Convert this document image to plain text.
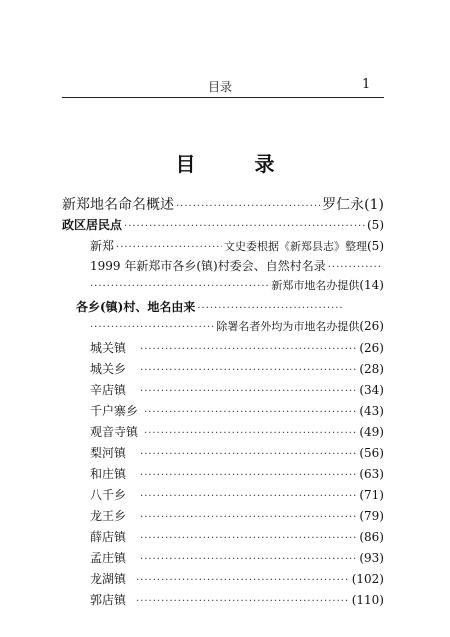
目录	1
目 录
新郑地名命名概述 ·····	罗仁永 (1)
政区居民点 ·····	(5)
新郑 ·····	文史委根据《新郑县志》整理 (5)
1999 年新郑市各乡(镇)村委会、自然村名录
·····
·····
新郑市地名办提供 (14)
各乡(镇)村、地名由来
·····
·····
除署名者外均为市地名办提供 (26)
城关镇 ·····	(26)
城关乡 ·····	(28)
辛店镇 ·····	(34)
千户寨乡 ·····	(43)
观音寺镇 ·····	(49)
梨河镇 ·····	(56)
和庄镇 ·····	(63)
八千乡 ·····	(71)
龙王乡 ·····	(79)
薛店镇 ·····	(86)
孟庄镇 ·····	(93)
龙湖镇 ·····	(102)
郭店镇 ·····	(110)
